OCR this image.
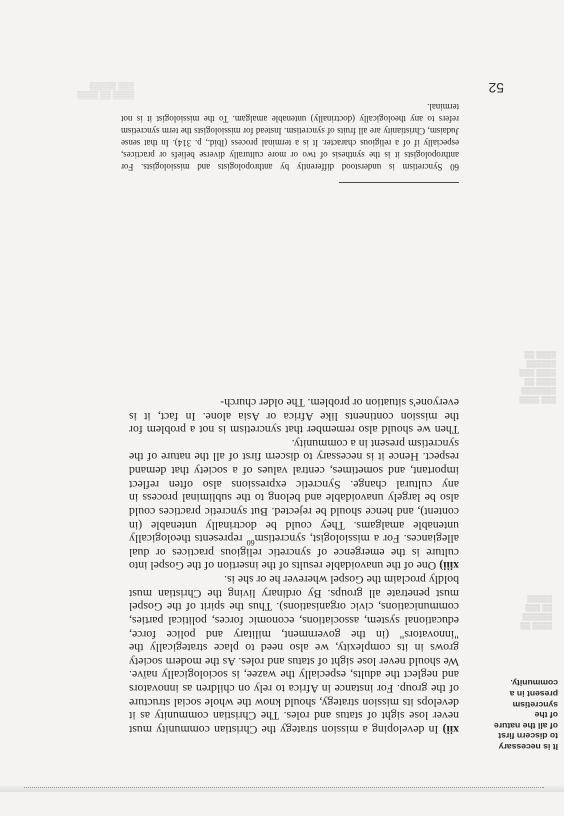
It is necessary to discern first of all the nature of the syncretism present in a community.
▒▒▒▒ ▒▒
▒▒▒▒▒▒
▒▒ ▒▒▒
▒▒▒▒▒
▒▒▒ ▒▒▒▒
▒▒▒▒▒▒▒
▒▒▒▒ ▒▒
▒▒▒▒ ▒▒▒
▒▒▒▒▒▒
▒▒▒▒ ▒▒

xii) In developing a mission strategy the Christian community must never lose sight of status and roles. The Christian community as it develops its mission strategy, should know the whole social structure of the group. For instance in Africa to rely on children as innovators and neglect the adults, especially the wazee, is sociologically naïve. We should never lose sight of status and roles. As the modern society grows in its complexity, we also need to place strategically the "innovators" (in the government, military and police force, educational system, associations, economic forces, political parties, communications, civic organisations). Thus the spirit of the Gospel must penetrate all groups. By ordinary living the Christian must boldly proclaim the Gospel wherever he or she is.

xiii) One of the unavoidable results of the insertion of the Gospel into culture is the emergence of syncretic religious practices or dual allegiances. For a missiologist, syncretism$^{60}$ represents theologically untenable amalgams. They could be doctrinally untenable (in content), and hence should be rejected. But syncretic practices could also be largely unavoidable and belong to the subliminal process in any cultural change. Syncretic expressions also often reflect important, and sometimes, central values of a society that demand respect. Hence it is necessary to discern first of all the nature of the syncretism present in a community.

Then we should also remember that syncretism is not a problem for the mission continents like Africa or Asia alone. In fact, it is everyone's situation or problem. The older church-

60 Syncretism is understood differently by anthropologists and missiologists. For anthropologists it is the synthesis of two or more culturally diverse beliefs or practices, especially if of a religious character. It is a terminal process (Ibid., p. 314). In that sense Judaism, Christianity are all fruits of syncretism. Instead for missiologists the term syncretism refers to any theologically (doctrinally) untenable amalgam. To the missiologist it is not terminal.
▒▒▒▒ ▒▒ ▒▒▒▒
▒▒▒ ▒▒▒▒▒	52
